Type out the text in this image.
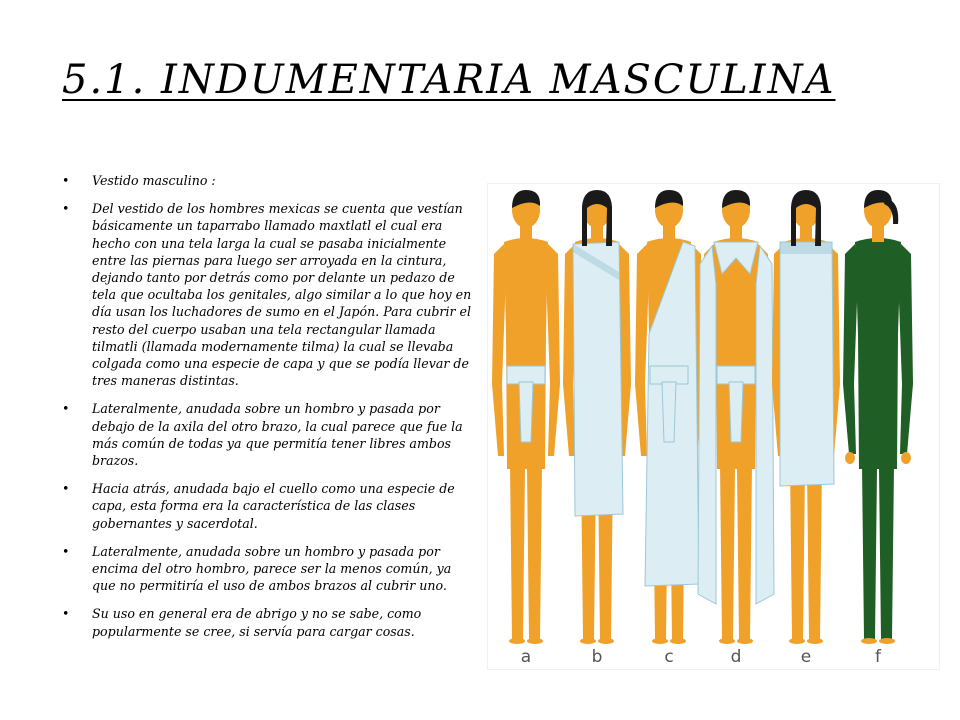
5.1. INDUMENTARIA MASCULINA
• Vestido masculino :
• Del vestido de los hombres mexicas se cuenta que vestían básicamente un taparrabo llamado maxtlatl el cual era hecho con una tela larga la cual se pasaba inicialmente entre las piernas para luego ser arroyada en la cintura, dejando tanto por detrás como por delante un pedazo de tela que ocultaba los genitales, algo similar a lo que hoy en día usan los luchadores de sumo en el Japón. Para cubrir el resto del cuerpo usaban una tela rectangular llamada tilmatli (llamada modernamente tilma) la cual se llevaba colgada como una especie de capa y que se podía llevar de tres maneras distintas.
• Lateralmente, anudada sobre un hombro y pasada por debajo de la axila del otro brazo, la cual parece que fue la más común de todas ya que permitía tener libres ambos brazos.
• Hacia atrás, anudada bajo el cuello como una especie de capa, esta forma era la característica de las clases gobernantes y sacerdotal.
• Lateralmente, anudada sobre un hombro y pasada por encima del otro hombro, parece ser la menos común, ya que no permitiría el uso de ambos brazos al cubrir uno.
• Su uso en general era de abrigo y no se sabe, como popularmente se cree, si servía para cargar cosas.
a	b	c	d	e	f
